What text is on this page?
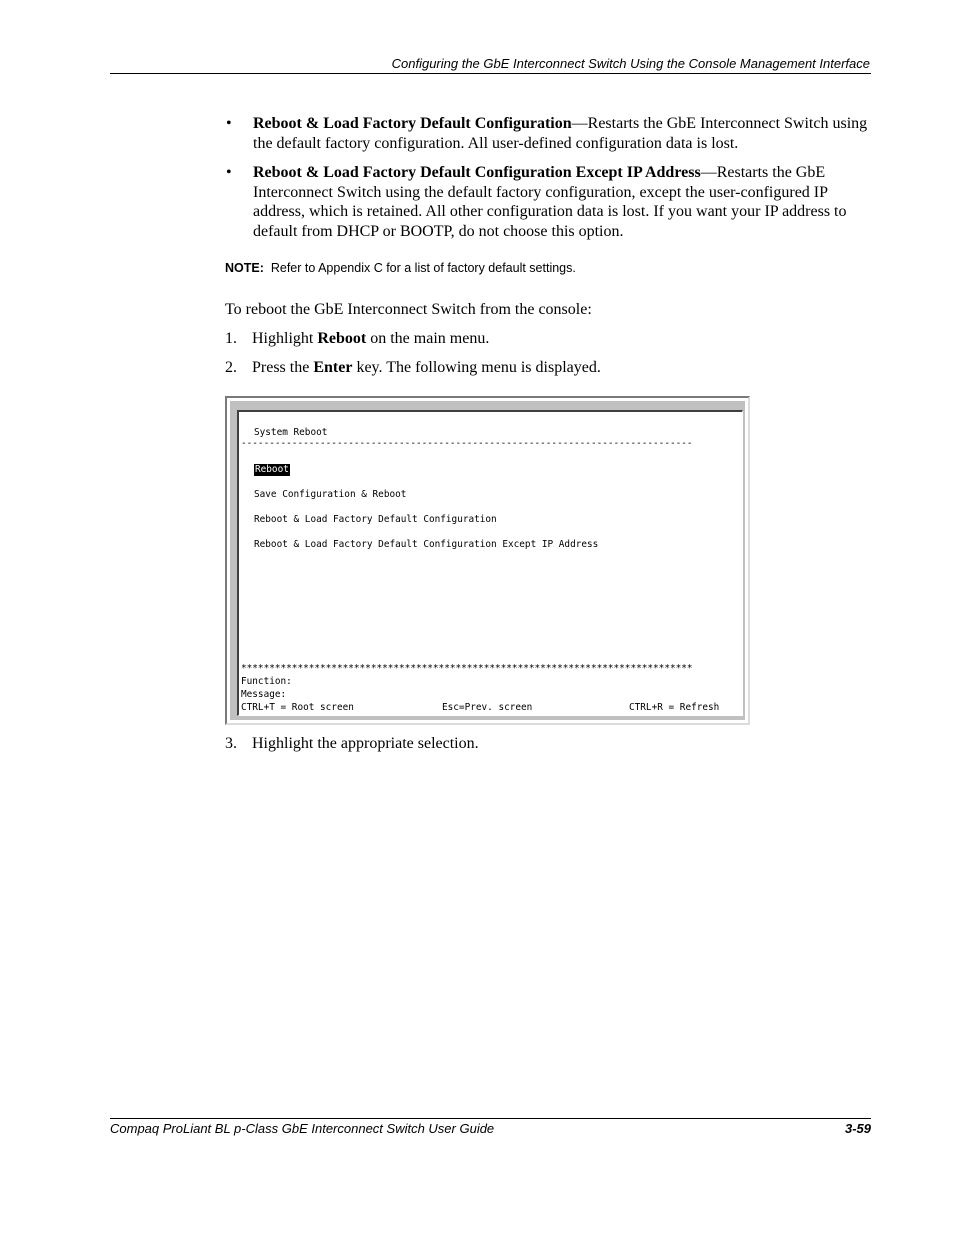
Configuring the GbE Interconnect Switch Using the Console Management Interface
• Reboot & Load Factory Default Configuration—Restarts the GbE Interconnect Switch using the default factory configuration. All user-defined configuration data is lost.
• Reboot & Load Factory Default Configuration Except IP Address—Restarts the GbE Interconnect Switch using the default factory configuration, except the user-configured IP address, which is retained. All other configuration data is lost. If you want your IP address to default from DHCP or BOOTP, do not choose this option.
NOTE: Refer to Appendix C for a list of factory default settings.
To reboot the GbE Interconnect Switch from the console:
1. Highlight Reboot on the main menu.
2. Press the Enter key. The following menu is displayed.
System Reboot
--------------------------------------------------------------------------------
Reboot
Save Configuration & Reboot
Reboot & Load Factory Default Configuration
Reboot & Load Factory Default Configuration Except IP Address
********************************************************************************
Function:
Message:
CTRL+T = Root screen	Esc=Prev. screen	CTRL+R = Refresh
3. Highlight the appropriate selection.
Compaq ProLiant BL p-Class GbE Interconnect Switch User Guide	3-59
